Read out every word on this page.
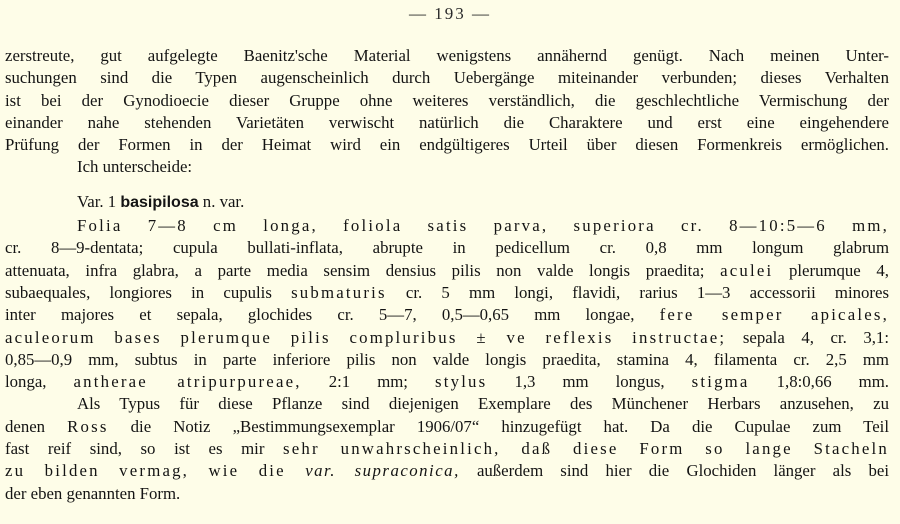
— 193 —
zerstreute, gut aufgelegte Baenitz'sche Material wenigstens annähernd genügt. Nach meinen Unter-
suchungen sind die Typen augenscheinlich durch Uebergänge miteinander verbunden; dieses Verhalten
ist bei der Gynodioecie dieser Gruppe ohne weiteres verständlich, die geschlechtliche Vermischung der
einander nahe stehenden Varietäten verwischt natürlich die Charaktere und erst eine eingehendere
Prüfung der Formen in der Heimat wird ein endgültigeres Urteil über diesen Formenkreis ermöglichen.
Ich unterscheide:
Var. 1 basipilosa n. var.
Folia 7—8 cm longa, foliola satis parva, superiora cr. 8—10:5—6 mm,
cr. 8—9-dentata; cupula bullati-inflata, abrupte in pedicellum cr. 0,8 mm longum glabrum
attenuata, infra glabra, a parte media sensim densius pilis non valde longis praedita; aculei plerumque 4,
subaequales, longiores in cupulis submaturis cr. 5 mm longi, flavidi, rarius 1—3 accessorii minores
inter majores et sepala, glochides cr. 5—7, 0,5—0,65 mm longae, fere semper apicales,
aculeorum bases plerumque pilis compluribus ± ve reflexis instructae; sepala 4, cr. 3,1:
0,85—0,9 mm, subtus in parte inferiore pilis non valde longis praedita, stamina 4, filamenta cr. 2,5 mm
longa, antherae atripurpureae, 2:1 mm; stylus 1,3 mm longus, stigma 1,8:0,66 mm.
Als Typus für diese Pflanze sind diejenigen Exemplare des Münchener Herbars anzusehen, zu
denen Ross die Notiz „Bestimmungsexemplar 1906/07“ hinzugefügt hat. Da die Cupulae zum Teil
fast reif sind, so ist es mir sehr unwahrscheinlich, daß diese Form so lange Stacheln
zu bilden vermag, wie die var. supraconica, außerdem sind hier die Glochiden länger als bei
der eben genannten Form.
